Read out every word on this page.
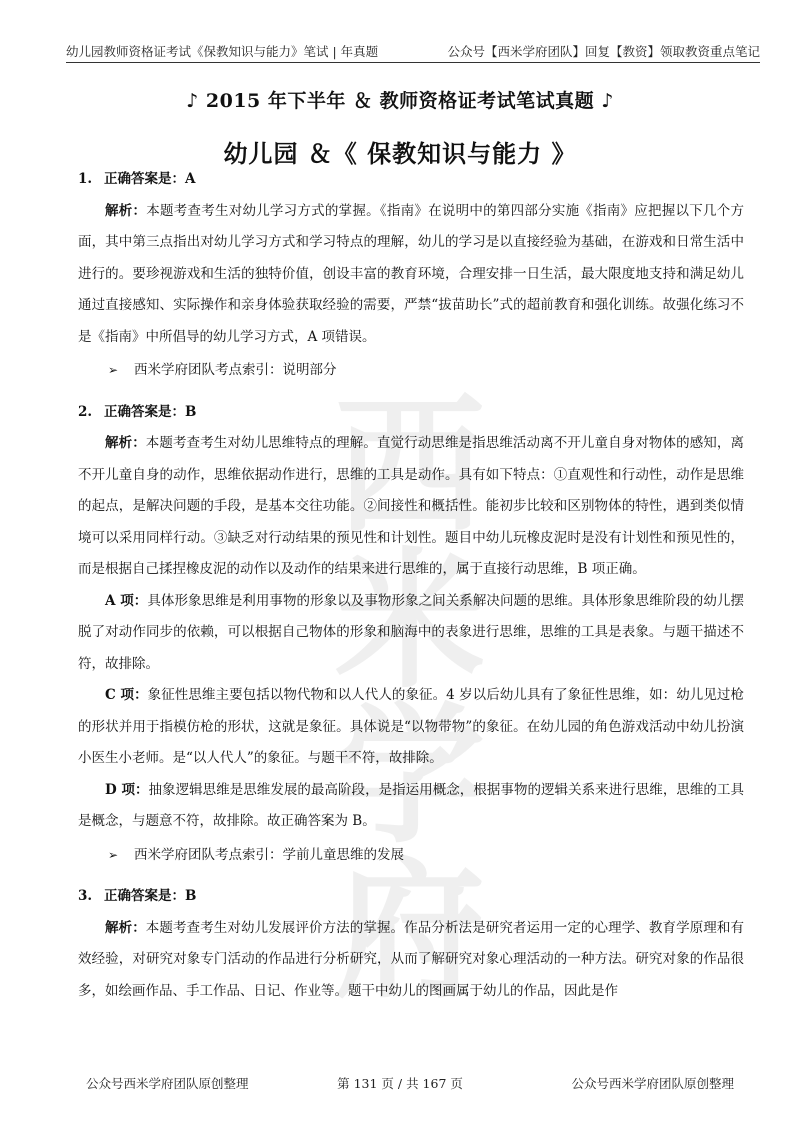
幼儿园教师资格证考试《保教知识与能力》笔试 | 年真题	公众号【西米学府团队】回复【教资】领取教资重点笔记
♪ 2015 年下半年 ＆ 教师资格证考试笔试真题 ♪
幼儿园 ＆《 保教知识与能力 》
西米学府
1. 正确答案是：A
解析：本题考查考生对幼儿学习方式的掌握。《指南》在说明中的第四部分实施《指南》应把握以下几个方面，其中第三点指出对幼儿学习方式和学习特点的理解，幼儿的学习是以直接经验为基础，在游戏和日常生活中进行的。要珍视游戏和生活的独特价值，创设丰富的教育环境，合理安排一日生活，最大限度地支持和满足幼儿通过直接感知、实际操作和亲身体验获取经验的需要，严禁“拔苗助长”式的超前教育和强化训练。故强化练习不是《指南》中所倡导的幼儿学习方式，A 项错误。
➢ 西米学府团队考点索引：说明部分
2. 正确答案是：B
解析：本题考查考生对幼儿思维特点的理解。直觉行动思维是指思维活动离不开儿童自身对物体的感知，离不开儿童自身的动作，思维依据动作进行，思维的工具是动作。具有如下特点：①直观性和行动性，动作是思维的起点，是解决问题的手段，是基本交往功能。②间接性和概括性。能初步比较和区别物体的特性，遇到类似情境可以采用同样行动。③缺乏对行动结果的预见性和计划性。题目中幼儿玩橡皮泥时是没有计划性和预见性的，而是根据自己揉捏橡皮泥的动作以及动作的结果来进行思维的，属于直接行动思维，B 项正确。
A 项：具体形象思维是利用事物的形象以及事物形象之间关系解决问题的思维。具体形象思维阶段的幼儿摆脱了对动作同步的依赖，可以根据自己物体的形象和脑海中的表象进行思维，思维的工具是表象。与题干描述不符，故排除。
C 项：象征性思维主要包括以物代物和以人代人的象征。4 岁以后幼儿具有了象征性思维，如：幼儿见过枪的形状并用于指模仿枪的形状，这就是象征。具体说是“以物带物”的象征。在幼儿园的角色游戏活动中幼儿扮演小医生小老师。是“以人代人”的象征。与题干不符，故排除。
D 项：抽象逻辑思维是思维发展的最高阶段，是指运用概念，根据事物的逻辑关系来进行思维，思维的工具是概念，与题意不符，故排除。故正确答案为 B。
➢ 西米学府团队考点索引：学前儿童思维的发展
3. 正确答案是：B
解析：本题考查考生对幼儿发展评价方法的掌握。作品分析法是研究者运用一定的心理学、教育学原理和有效经验，对研究对象专门活动的作品进行分析研究，从而了解研究对象心理活动的一种方法。研究对象的作品很多，如绘画作品、手工作品、日记、作业等。题干中幼儿的图画属于幼儿的作品，因此是作
公众号西米学府团队原创整理	第 131 页 / 共 167 页	公众号西米学府团队原创整理
